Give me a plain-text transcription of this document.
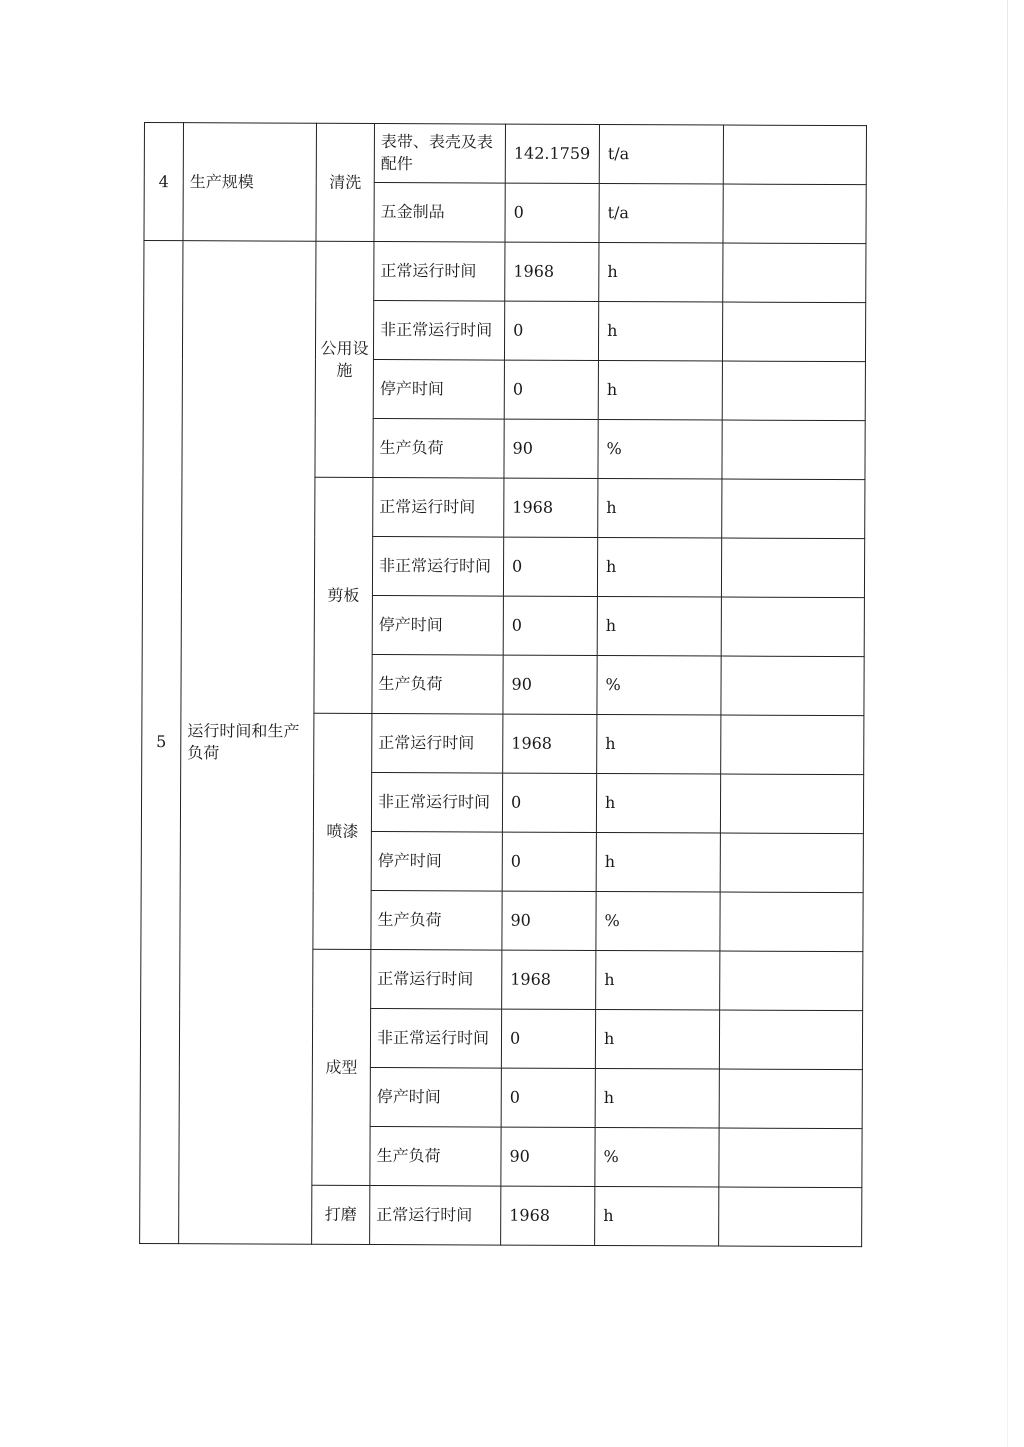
4	生产规模	清洗	表带、表壳及表配件	142.1759	t/a	
			五金制品	0	t/a	
5	运行时间和生产负荷	公用设施	正常运行时间	1968	h	
			非正常运行时间	0	h	
			停产时间	0	h	
			生产负荷	90	%	
		剪板	正常运行时间	1968	h	
			非正常运行时间	0	h	
			停产时间	0	h	
			生产负荷	90	%	
		喷漆	正常运行时间	1968	h	
			非正常运行时间	0	h	
			停产时间	0	h	
			生产负荷	90	%	
		成型	正常运行时间	1968	h	
			非正常运行时间	0	h	
			停产时间	0	h	
			生产负荷	90	%	
		打磨	正常运行时间	1968	h	
